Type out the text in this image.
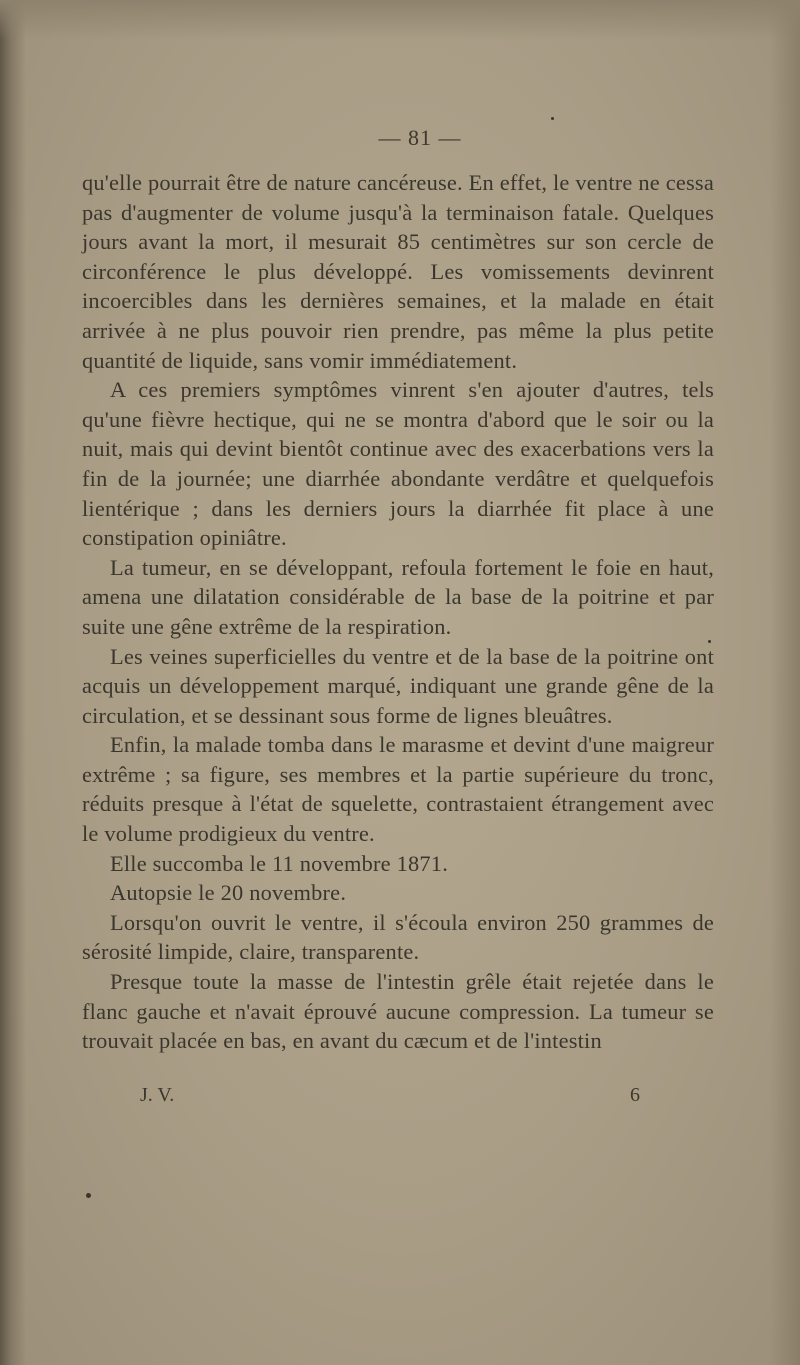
— 81 —

qu'elle pourrait être de nature cancéreuse. En effet, le ventre ne cessa pas d'augmenter de volume jusqu'à la terminaison fatale. Quelques jours avant la mort, il mesurait 85 centimètres sur son cercle de circonférence le plus développé. Les vomissements devinrent incoercibles dans les dernières semaines, et la malade en était arrivée à ne plus pouvoir rien prendre, pas même la plus petite quantité de liquide, sans vomir immédiatement.

A ces premiers symptômes vinrent s'en ajouter d'autres, tels qu'une fièvre hectique, qui ne se montra d'abord que le soir ou la nuit, mais qui devint bientôt continue avec des exacerbations vers la fin de la journée; une diarrhée abondante verdâtre et quelquefois lientérique ; dans les derniers jours la diarrhée fit place à une constipation opiniâtre.

La tumeur, en se développant, refoula fortement le foie en haut, amena une dilatation considérable de la base de la poitrine et par suite une gêne extrême de la respiration.

Les veines superficielles du ventre et de la base de la poitrine ont acquis un développement marqué, indiquant une grande gêne de la circulation, et se dessinant sous forme de lignes bleuâtres.

Enfin, la malade tomba dans le marasme et devint d'une maigreur extrême ; sa figure, ses membres et la partie supérieure du tronc, réduits presque à l'état de squelette, contrastaient étrangement avec le volume prodigieux du ventre.

Elle succomba le 11 novembre 1871.

Autopsie le 20 novembre.

Lorsqu'on ouvrit le ventre, il s'écoula environ 250 grammes de sérosité limpide, claire, transparente.

Presque toute la masse de l'intestin grêle était rejetée dans le flanc gauche et n'avait éprouvé aucune compression. La tumeur se trouvait placée en bas, en avant du cæcum et de l'intestin

J. V.	6
